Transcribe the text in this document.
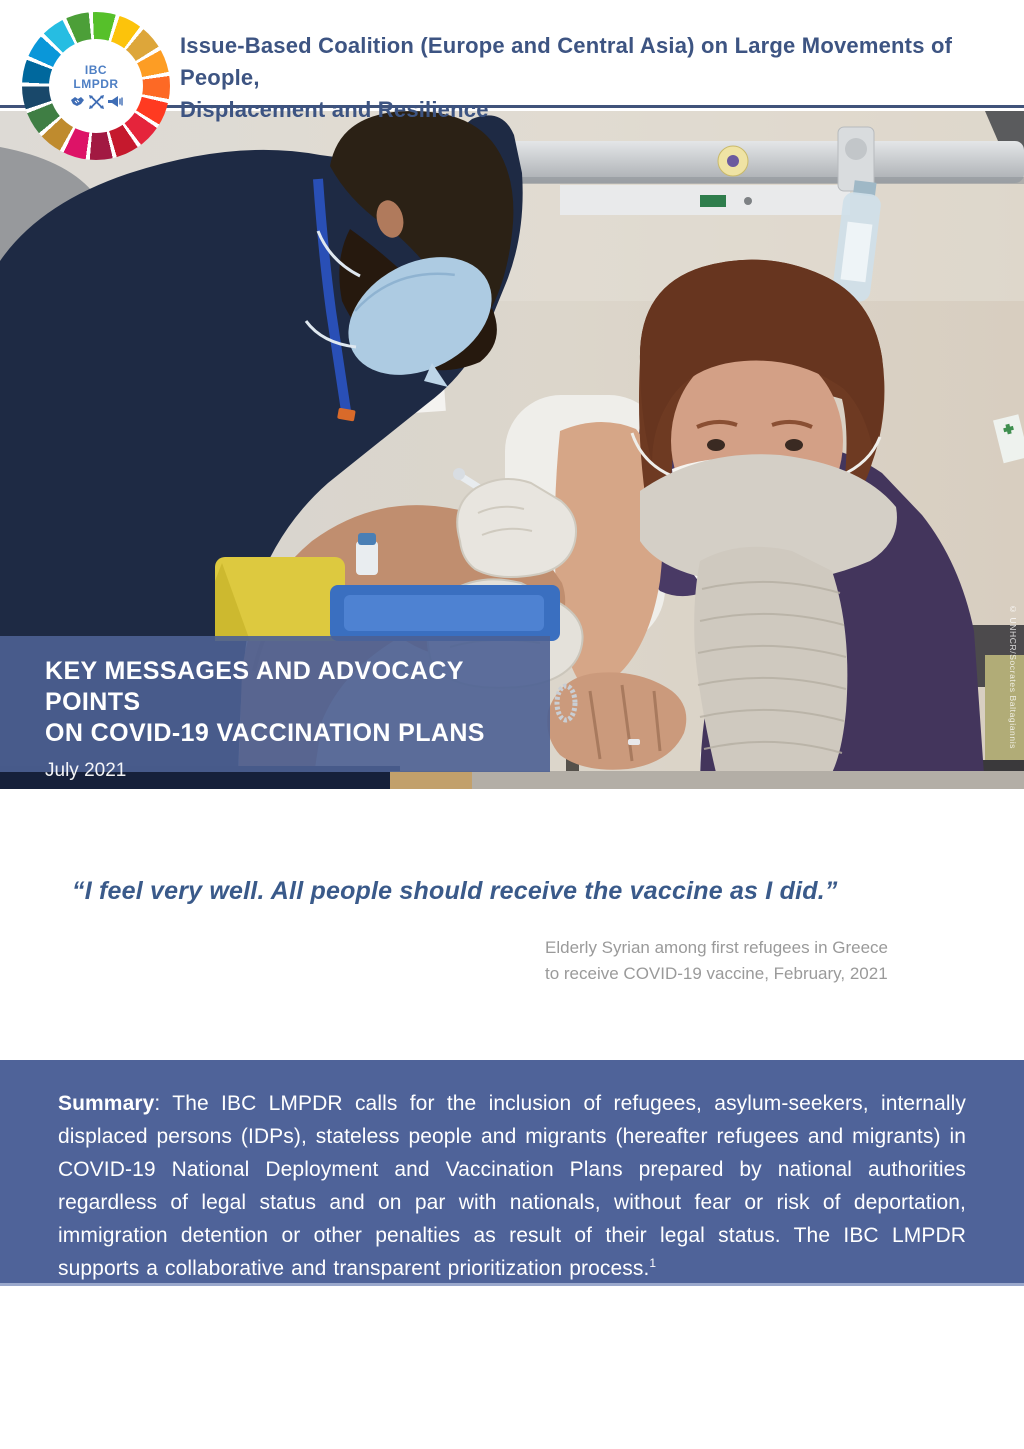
Issue-Based Coalition (Europe and Central Asia) on Large Movements of People,
Displacement and Resilience
IBC
LMPDR
© UNHCR/Socrates Baltagiannis
KEY MESSAGES AND ADVOCACY POINTS
ON COVID-19 VACCINATION PLANS
July 2021
“I feel very well. All people should receive the vaccine as I did.”
Elderly Syrian among first refugees in Greece
to receive COVID-19 vaccine, February, 2021

Summary: The IBC LMPDR calls for the inclusion of refugees, asylum-seekers, internally displaced persons (IDPs), stateless people and migrants (hereafter refugees and migrants) in COVID-19 National Deployment and Vaccination Plans prepared by national authorities regardless of legal status and on par with nationals, without fear or risk of deportation, immigration detention or other penalties as result of their legal status. The IBC LMPDR supports a collaborative and transparent prioritization process.$^1$
